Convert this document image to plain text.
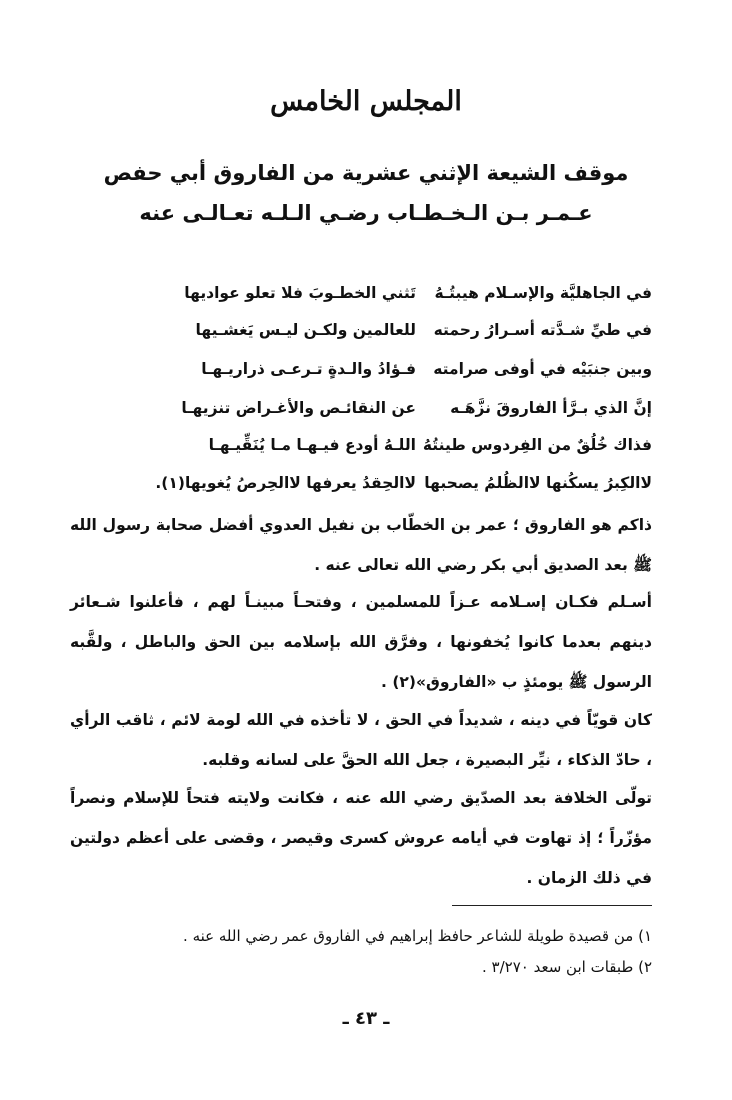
المجلس الخامس
موقف الشيعة الإثني عشرية من الفاروق أبي حفص
عـمـر بـن الـخـطـاب رضـي الـلـه تعـالـى عنه
في الجاهليَّة والإسـلام هيبتُـهُ
تَثني الخطـوبَ فلا تعلو عواديها
في طيِّ شـدَّته أسـرارُ رحمته
للعالمين ولكـن ليـس يَغشـيها
وبين جنبَيْه في أوفى صرامته
فـؤادُ والـدةٍ تـرعـى ذراريـهـا
إنَّ الذي بـرَّأ الفاروقَ نزَّهَـه
عن النقائـص والأغـراض تنزيهـا
فذاك خُلُقٌ من الفِردوس طينتُهُ
اللـهُ أودع فيـهـا مـا يُنَقِّيـهـا
لاالكِبرُ يسكُنها لاالظُلمُ يصحبها
لاالحِقدُ يعرفها لاالحِرصُ يُغويها(١).
ذاكم هو الفاروق ؛ عمر بن الخطّاب بن نفيل العدوي أفضل صحابة رسول الله ﷺ بعد الصديق أبي بكر رضي الله تعالى عنه .
أسـلم فكـان إسـلامه عـزاً للمسلمين ، وفتحـاً مبينـاً لهم ، فأعلنوا شـعائر دينهم بعدما كانوا يُخفونها ، وفرَّق الله بإسلامه بين الحق والباطل ، ولقَّبه الرسول ﷺ يومئذٍ ب «الفاروق»(٢) .
كان قويّاً في دينه ، شديداً في الحق ، لا تأخذه في الله لومة لائم ، ثاقب الرأي ، حادّ الذكاء ، نيِّر البصيرة ، جعل الله الحقَّ على لسانه وقلبه.
تولّى الخلافة بعد الصدّيق رضي الله عنه ، فكانت ولايته فتحاً للإسلام ونصراً مؤزّراً ؛ إذ تهاوت في أيامه عروش كسرى وقيصر ، وقضى على أعظم دولتين في ذلك الزمان .
١) من قصيدة طويلة للشاعر حافظ إبراهيم في الفاروق عمر رضي الله عنه .
٢) طبقات ابن سعد ٣/٢٧٠ .
ـ ٤٣ ـ
